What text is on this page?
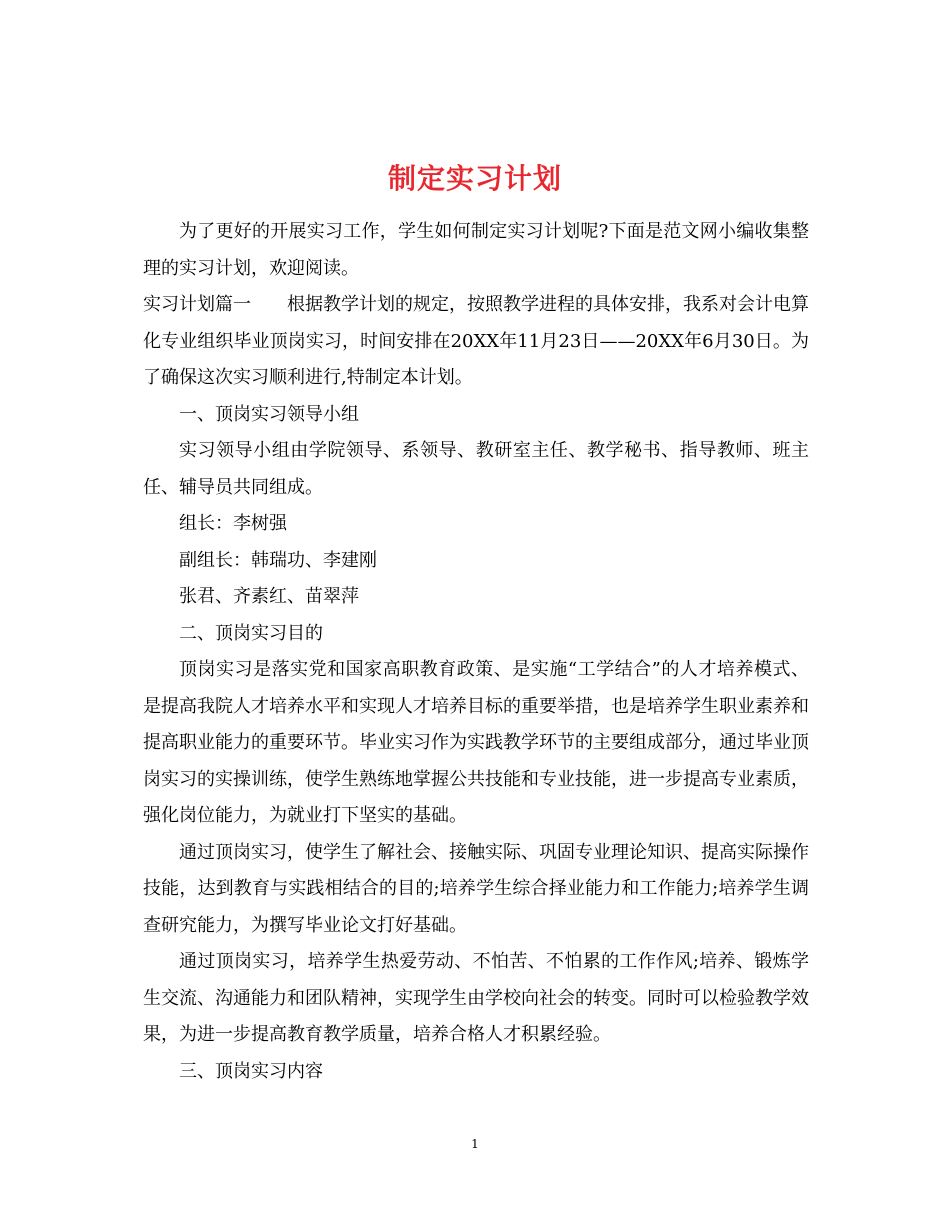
制定实习计划

为了更好的开展实习工作，学生如何制定实习计划呢?下面是范文网小编收集整理的实习计划，欢迎阅读。

实习计划篇一　　根据教学计划的规定，按照教学进程的具体安排，我系对会计电算化专业组织毕业顶岗实习，时间安排在20XX年11月23日——20XX年6月30日。为了确保这次实习顺利进行,特制定本计划。

一、顶岗实习领导小组

实习领导小组由学院领导、系领导、教研室主任、教学秘书、指导教师、班主任、辅导员共同组成。

组长：李树强

副组长：韩瑞功、李建刚

张君、齐素红、苗翠萍

二、顶岗实习目的

顶岗实习是落实党和国家高职教育政策、是实施“工学结合”的人才培养模式、是提高我院人才培养水平和实现人才培养目标的重要举措，也是培养学生职业素养和提高职业能力的重要环节。毕业实习作为实践教学环节的主要组成部分，通过毕业顶岗实习的实操训练，使学生熟练地掌握公共技能和专业技能，进一步提高专业素质，强化岗位能力，为就业打下坚实的基础。

通过顶岗实习，使学生了解社会、接触实际、巩固专业理论知识、提高实际操作技能，达到教育与实践相结合的目的;培养学生综合择业能力和工作能力;培养学生调查研究能力，为撰写毕业论文打好基础。

通过顶岗实习，培养学生热爱劳动、不怕苦、不怕累的工作作风;培养、锻炼学生交流、沟通能力和团队精神，实现学生由学校向社会的转变。同时可以检验教学效果，为进一步提高教育教学质量，培养合格人才积累经验。

三、顶岗实习内容

1
